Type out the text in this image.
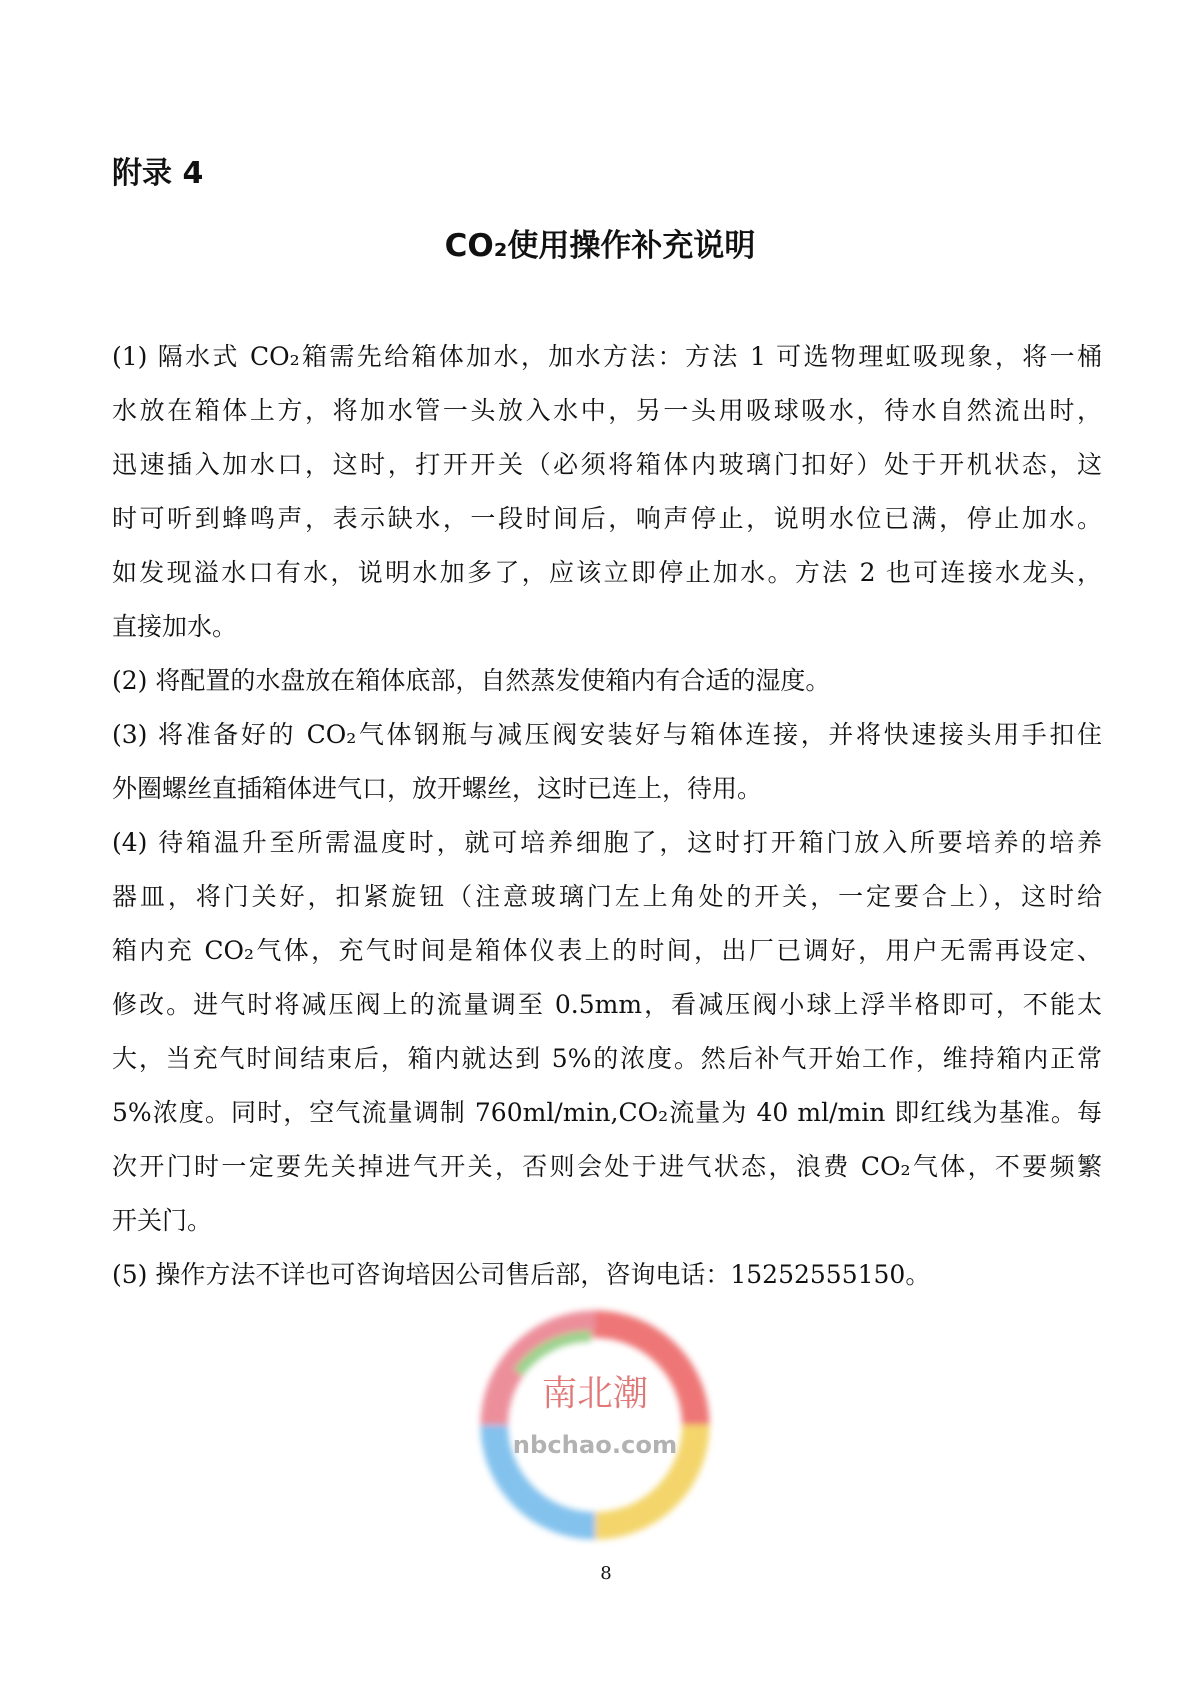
附录 4
CO₂使用操作补充说明
南北潮
nbchao.com
(1) 隔水式 CO₂箱需先给箱体加水，加水方法：方法 1 可选物理虹吸现象，将一桶
水放在箱体上方，将加水管一头放入水中，另一头用吸球吸水，待水自然流出时，
迅速插入加水口，这时，打开开关（必须将箱体内玻璃门扣好）处于开机状态，这
时可听到蜂鸣声，表示缺水，一段时间后，响声停止，说明水位已满，停止加水。
如发现溢水口有水，说明水加多了，应该立即停止加水。方法 2 也可连接水龙头，
直接加水。
(2) 将配置的水盘放在箱体底部，自然蒸发使箱内有合适的湿度。
(3) 将准备好的 CO₂气体钢瓶与减压阀安装好与箱体连接，并将快速接头用手扣住
外圈螺丝直插箱体进气口，放开螺丝，这时已连上，待用。
(4) 待箱温升至所需温度时，就可培养细胞了，这时打开箱门放入所要培养的培养
器皿，将门关好，扣紧旋钮（注意玻璃门左上角处的开关，一定要合上），这时给
箱内充 CO₂气体，充气时间是箱体仪表上的时间，出厂已调好，用户无需再设定、
修改。进气时将减压阀上的流量调至 0.5mm，看减压阀小球上浮半格即可，不能太
大，当充气时间结束后，箱内就达到 5%的浓度。然后补气开始工作，维持箱内正常
5%浓度。同时，空气流量调制 760ml/min,CO₂流量为 40 ml/min 即红线为基准。每
次开门时一定要先关掉进气开关，否则会处于进气状态，浪费 CO₂气体，不要频繁
开关门。
(5) 操作方法不详也可咨询培因公司售后部，咨询电话：15252555150。
8
